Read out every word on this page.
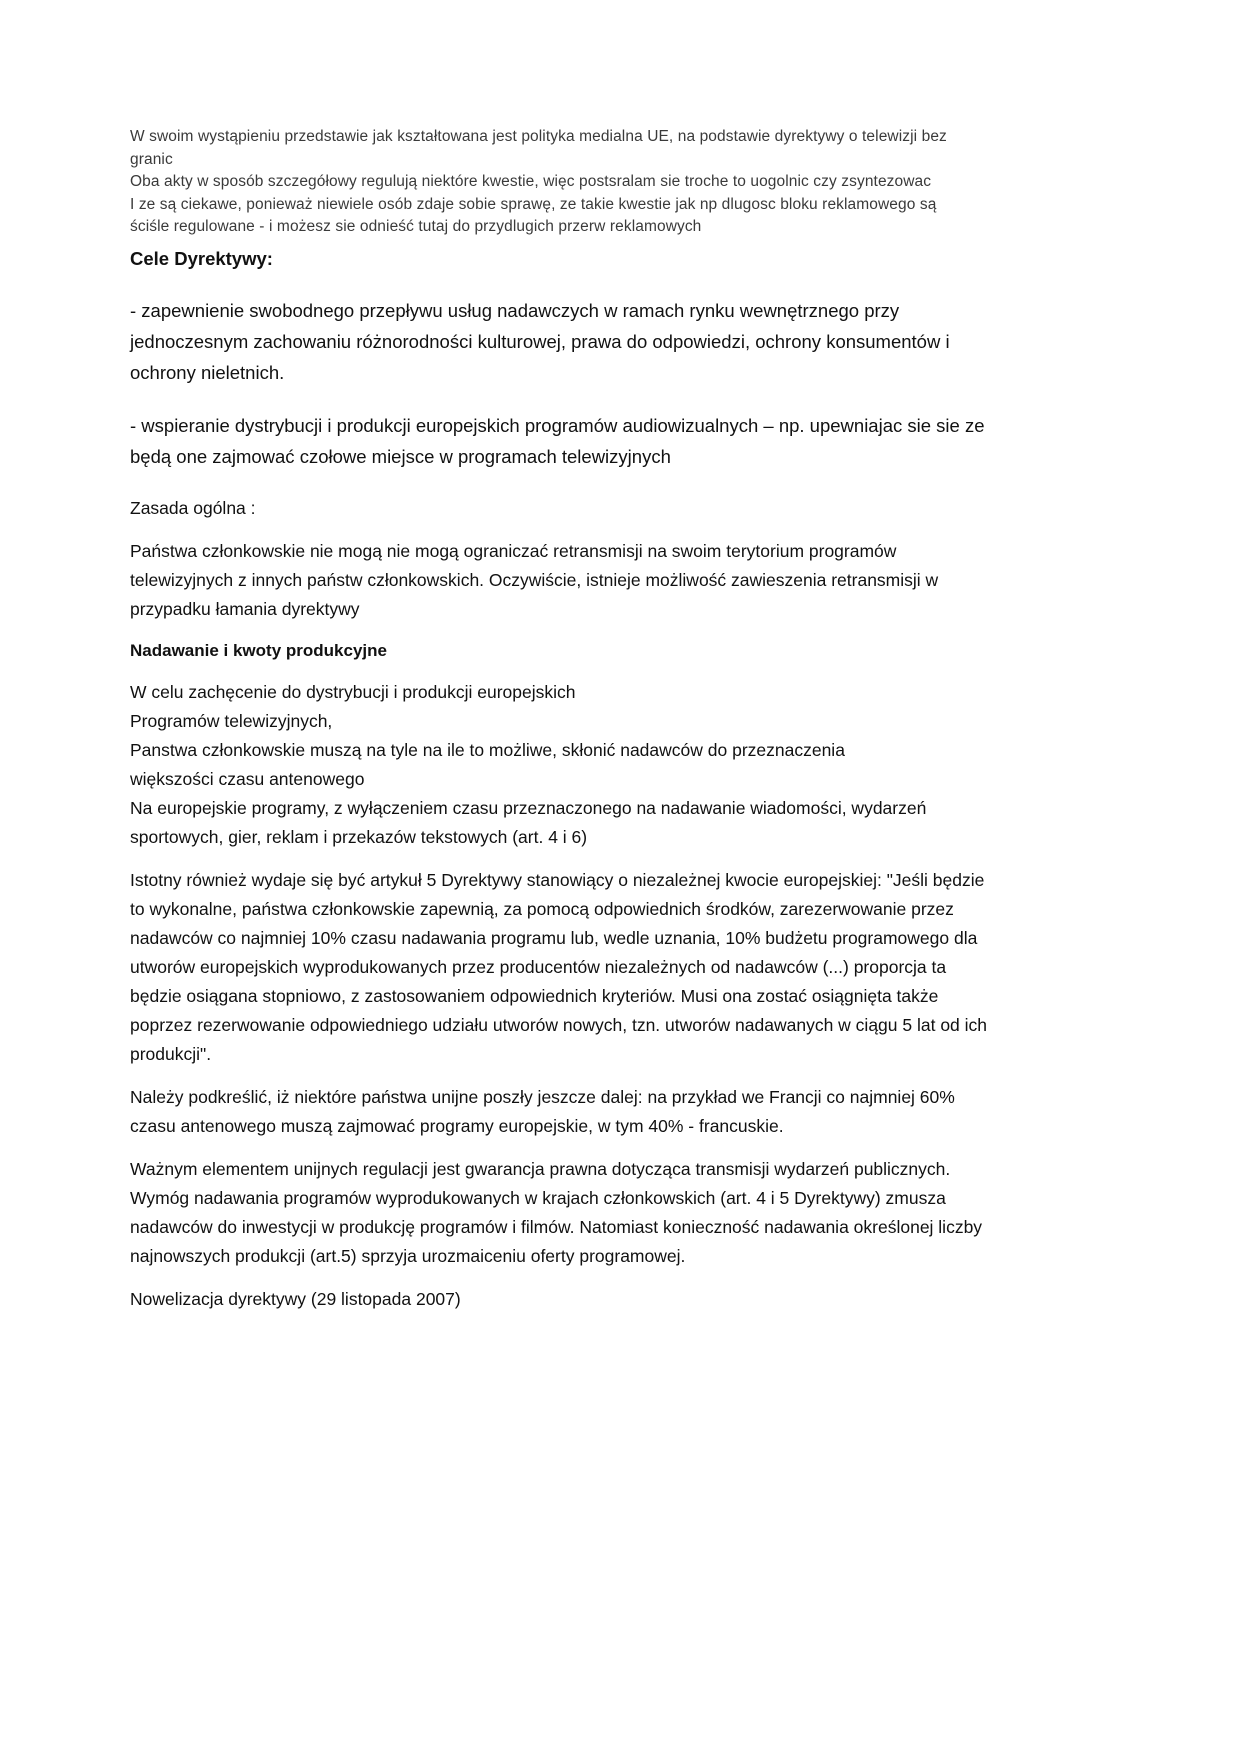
W swoim wystąpieniu przedstawie jak kształtowana jest polityka medialna UE, na podstawie dyrektywy o telewizji bez

granic

Oba akty w sposób szczegółowy regulują niektóre kwestie, więc postsralam sie troche to uogolnic czy zsyntezowac

I ze są ciekawe, ponieważ niewiele osób zdaje sobie sprawę, ze takie kwestie jak np dlugosc bloku reklamowego są

ściśle regulowane - i możesz sie odnieść tutaj do przydlugich przerw reklamowych

Cele Dyrektywy:

- zapewnienie swobodnego przepływu usług nadawczych w ramach rynku wewnętrznego przy jednoczesnym zachowaniu różnorodności kulturowej, prawa do odpowiedzi, ochrony konsumentów i ochrony nieletnich.

- wspieranie dystrybucji i produkcji europejskich programów audiowizualnych – np. upewniajac sie sie ze będą one zajmować czołowe miejsce w programach telewizyjnych

Zasada ogólna :

Państwa członkowskie nie mogą nie mogą ograniczać retransmisji na swoim terytorium programów telewizyjnych z innych państw członkowskich. Oczywiście, istnieje możliwość zawieszenia retransmisji w przypadku łamania dyrektywy

Nadawanie i kwoty produkcyjne

W celu zachęcenie do dystrybucji i produkcji europejskich

Programów telewizyjnych,

Panstwa członkowskie muszą na tyle na ile to możliwe, skłonić nadawców do przeznaczenia

większości czasu antenowego

Na europejskie programy, z wyłączeniem czasu przeznaczonego na nadawanie wiadomości, wydarzeń

sportowych, gier, reklam i przekazów tekstowych (art. 4 i 6)

Istotny również wydaje się być artykuł 5 Dyrektywy stanowiący o niezależnej kwocie europejskiej: "Jeśli będzie to wykonalne, państwa członkowskie zapewnią, za pomocą odpowiednich środków, zarezerwowanie przez nadawców co najmniej 10% czasu nadawania programu lub, wedle uznania, 10% budżetu programowego dla utworów europejskich wyprodukowanych przez producentów niezależnych od nadawców (...) proporcja ta będzie osiągana stopniowo, z zastosowaniem odpowiednich kryteriów. Musi ona zostać osiągnięta także poprzez rezerwowanie odpowiedniego udziału utworów nowych, tzn. utworów nadawanych w ciągu 5 lat od ich produkcji".

Należy podkreślić, iż niektóre państwa unijne poszły jeszcze dalej: na przykład we Francji co najmniej 60% czasu antenowego muszą zajmować programy europejskie, w tym 40% - francuskie.

Ważnym elementem unijnych regulacji jest gwarancja prawna dotycząca transmisji wydarzeń publicznych. Wymóg nadawania programów wyprodukowanych w krajach członkowskich (art. 4 i 5 Dyrektywy) zmusza nadawców do inwestycji w produkcję programów i filmów. Natomiast konieczność nadawania określonej liczby najnowszych produkcji (art.5) sprzyja urozmaiceniu oferty programowej.

Nowelizacja dyrektywy (29 listopada 2007)
